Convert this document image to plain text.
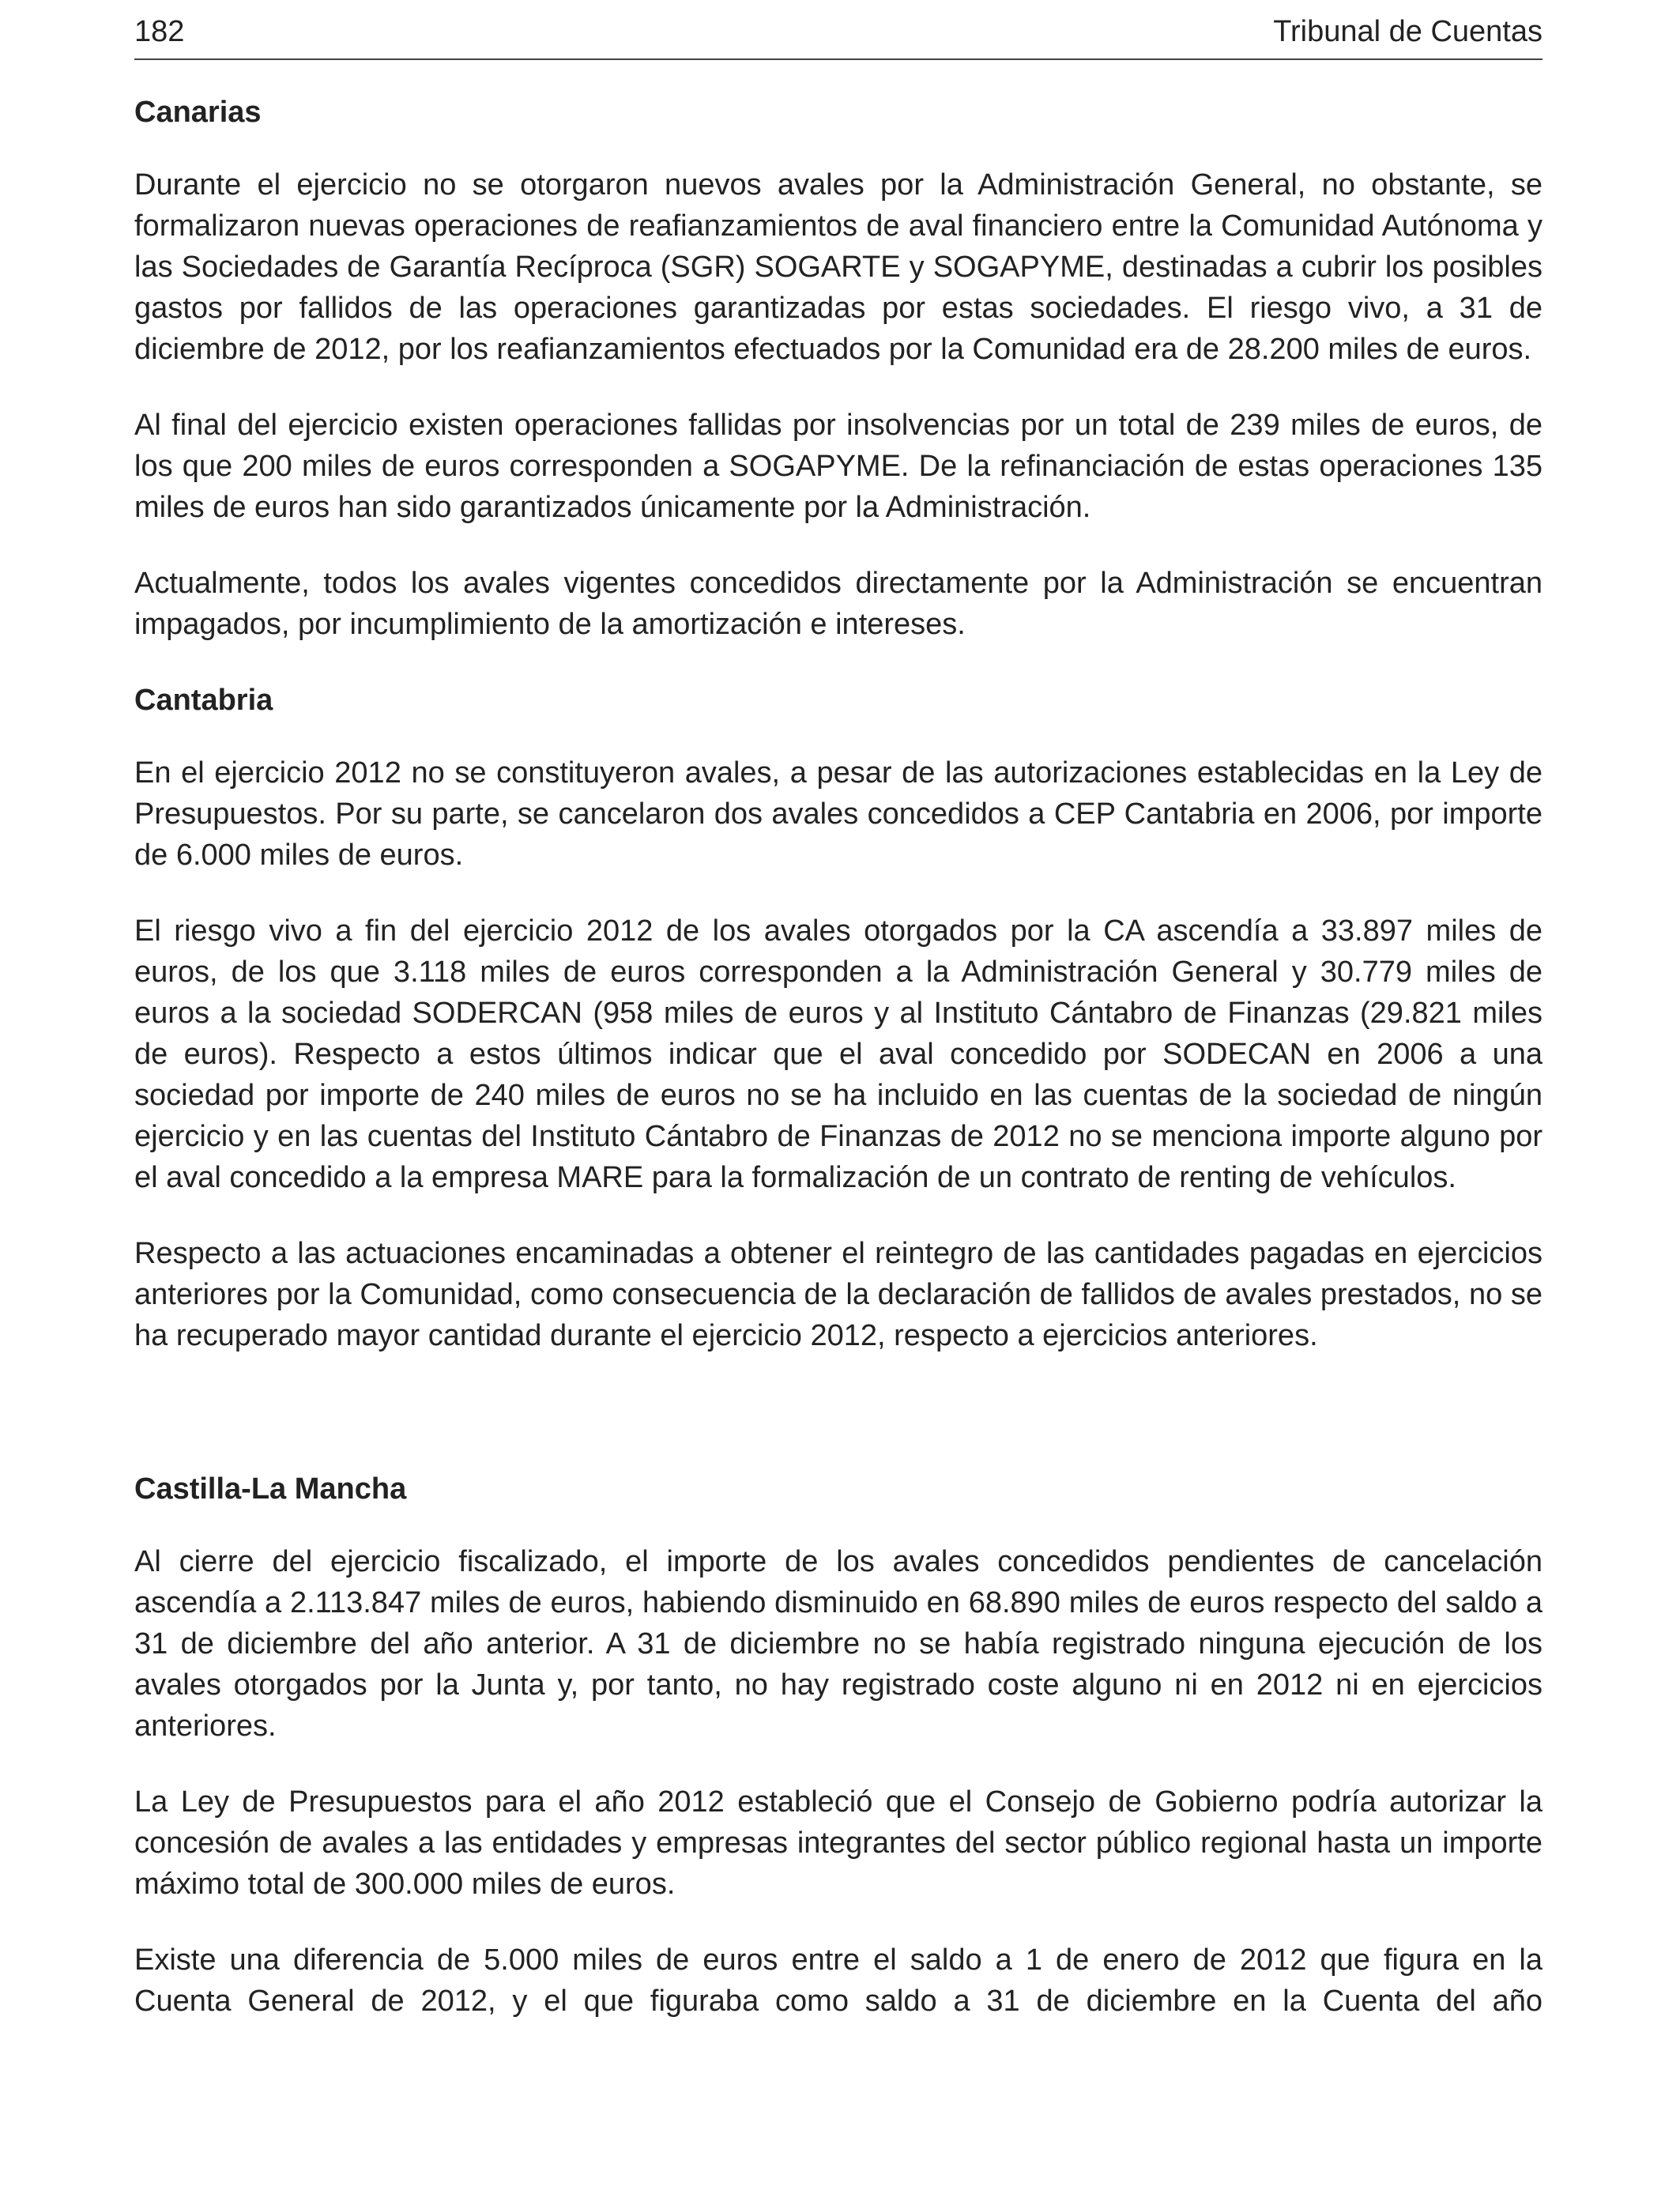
182	Tribunal de Cuentas
Canarias

Durante el ejercicio no se otorgaron nuevos avales por la Administración General, no obstante, se formalizaron nuevas operaciones de reafianzamientos de aval financiero entre la Comunidad Autónoma y las Sociedades de Garantía Recíproca (SGR) SOGARTE y SOGAPYME, destinadas a cubrir los posibles gastos por fallidos de las operaciones garantizadas por estas sociedades. El riesgo vivo, a 31 de diciembre de 2012, por los reafianzamientos efectuados por la Comunidad era de 28.200 miles de euros.

Al final del ejercicio existen operaciones fallidas por insolvencias por un total de 239 miles de euros, de los que 200 miles de euros corresponden a SOGAPYME. De la refinanciación de estas operaciones 135 miles de euros han sido garantizados únicamente por la Administración.

Actualmente, todos los avales vigentes concedidos directamente por la Administración se encuentran impagados, por incumplimiento de la amortización e intereses.

Cantabria

En el ejercicio 2012 no se constituyeron avales, a pesar de las autorizaciones establecidas en la Ley de Presupuestos. Por su parte, se cancelaron dos avales concedidos a CEP Cantabria en 2006, por importe de 6.000 miles de euros.

El riesgo vivo a fin del ejercicio 2012 de los avales otorgados por la CA ascendía a 33.897 miles de euros, de los que 3.118 miles de euros corresponden a la Administración General y 30.779 miles de euros a la sociedad SODERCAN (958 miles de euros y al Instituto Cántabro de Finanzas (29.821 miles de euros). Respecto a estos últimos indicar que el aval concedido por SODECAN en 2006 a una sociedad por importe de 240 miles de euros no se ha incluido en las cuentas de la sociedad de ningún ejercicio y en las cuentas del Instituto Cántabro de Finanzas de 2012 no se menciona importe alguno por el aval concedido a la empresa MARE para la formalización de un contrato de renting de vehículos.

Respecto a las actuaciones encaminadas a obtener el reintegro de las cantidades pagadas en ejercicios anteriores por la Comunidad, como consecuencia de la declaración de fallidos de avales prestados, no se ha recuperado mayor cantidad durante el ejercicio 2012, respecto a ejercicios anteriores.

Castilla-La Mancha

Al cierre del ejercicio fiscalizado, el importe de los avales concedidos pendientes de cancelación ascendía a 2.113.847 miles de euros, habiendo disminuido en 68.890 miles de euros respecto del saldo a 31 de diciembre del año anterior. A 31 de diciembre no se había registrado ninguna ejecución de los avales otorgados por la Junta y, por tanto, no hay registrado coste alguno ni en 2012 ni en ejercicios anteriores.

La Ley de Presupuestos para el año 2012 estableció que el Consejo de Gobierno podría autorizar la concesión de avales a las entidades y empresas integrantes del sector público regional hasta un importe máximo total de 300.000 miles de euros.

Existe una diferencia de 5.000 miles de euros entre el saldo a 1 de enero de 2012 que figura en la Cuenta General de 2012, y el que figuraba como saldo a 31 de diciembre en la Cuenta del año
